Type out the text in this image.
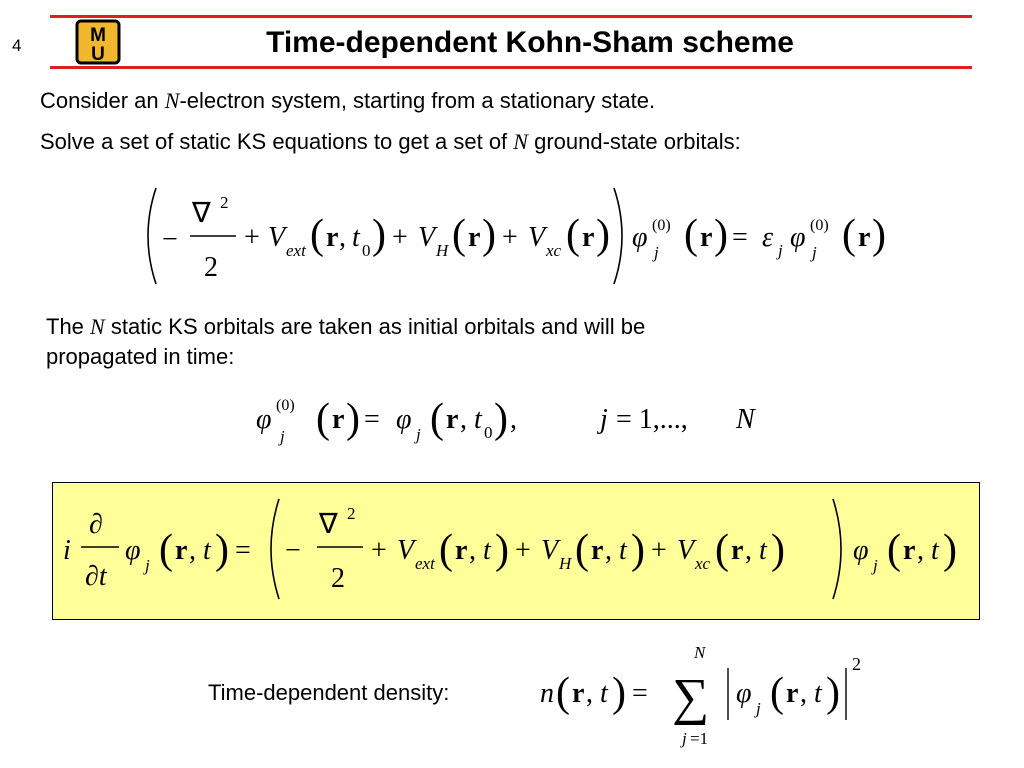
4	M
U	Time-dependent Kohn-Sham scheme
Consider an N-electron system, starting from a stationary state.
Solve a set of static KS equations to get a set of N ground-state orbitals:
−
∇ 2
2
+ V ext ( r , t 0 ) + V H ( r ) + V xc ( r ) φ (0)
j ( r ) = ε j φ (0)
j ( r )
The N static KS orbitals are taken as initial orbitals and will be
propagated in time:
φ (0)
j ( r ) = φ j ( r , t 0 ) ,	j = 1,..., N
i
∂
∂t
φ j ( r , t ) = −
∇ 2
2
+ V ext ( r , t ) + V H ( r , t ) + V xc ( r , t ) φ j ( r , t )
Time-dependent density:	n ( r , t ) =
N
∑
j =1
φ j ( r , t )
2
